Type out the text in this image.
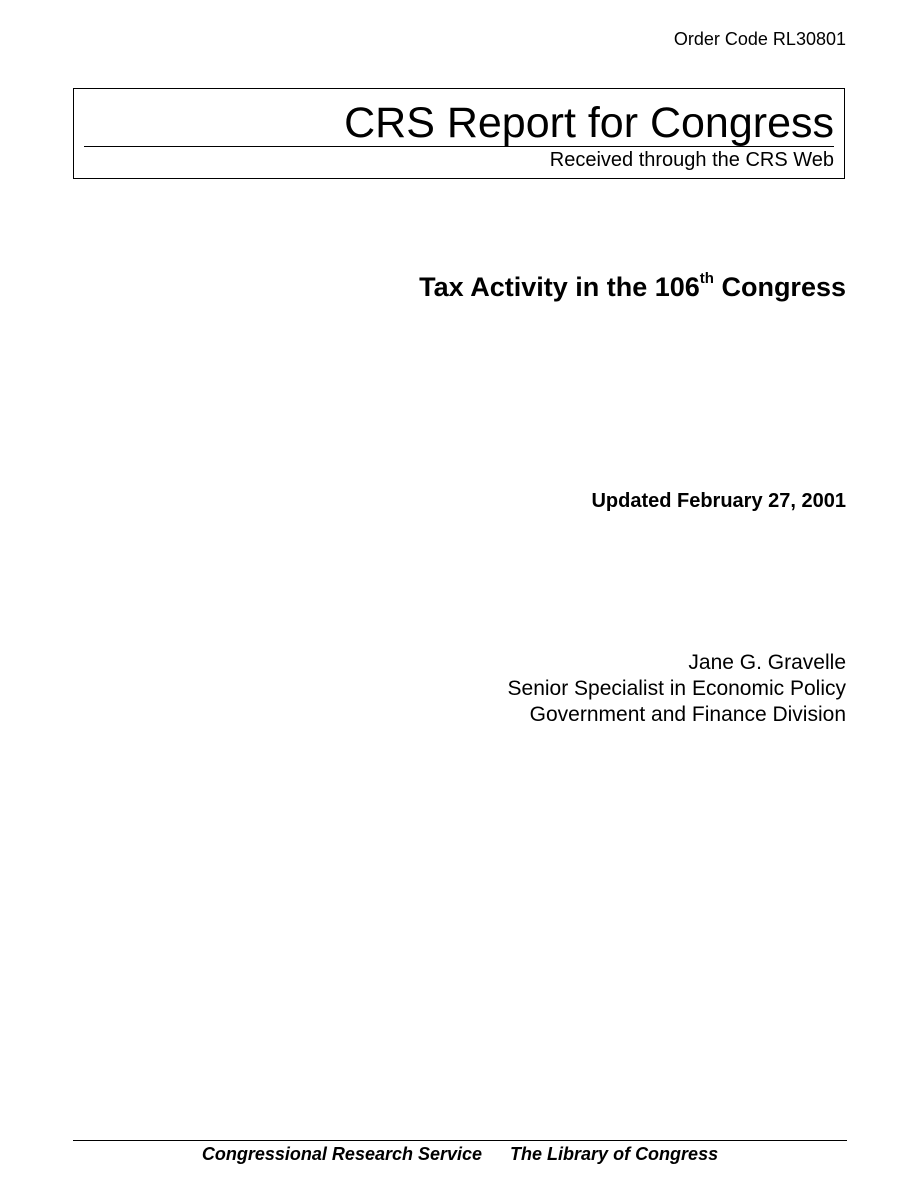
Order Code RL30801
CRS Report for Congress
Received through the CRS Web
Tax Activity in the 106th Congress
Updated February 27, 2001
Jane G. Gravelle
Senior Specialist in Economic Policy
Government and Finance Division
Congressional Research Service The Library of Congress
